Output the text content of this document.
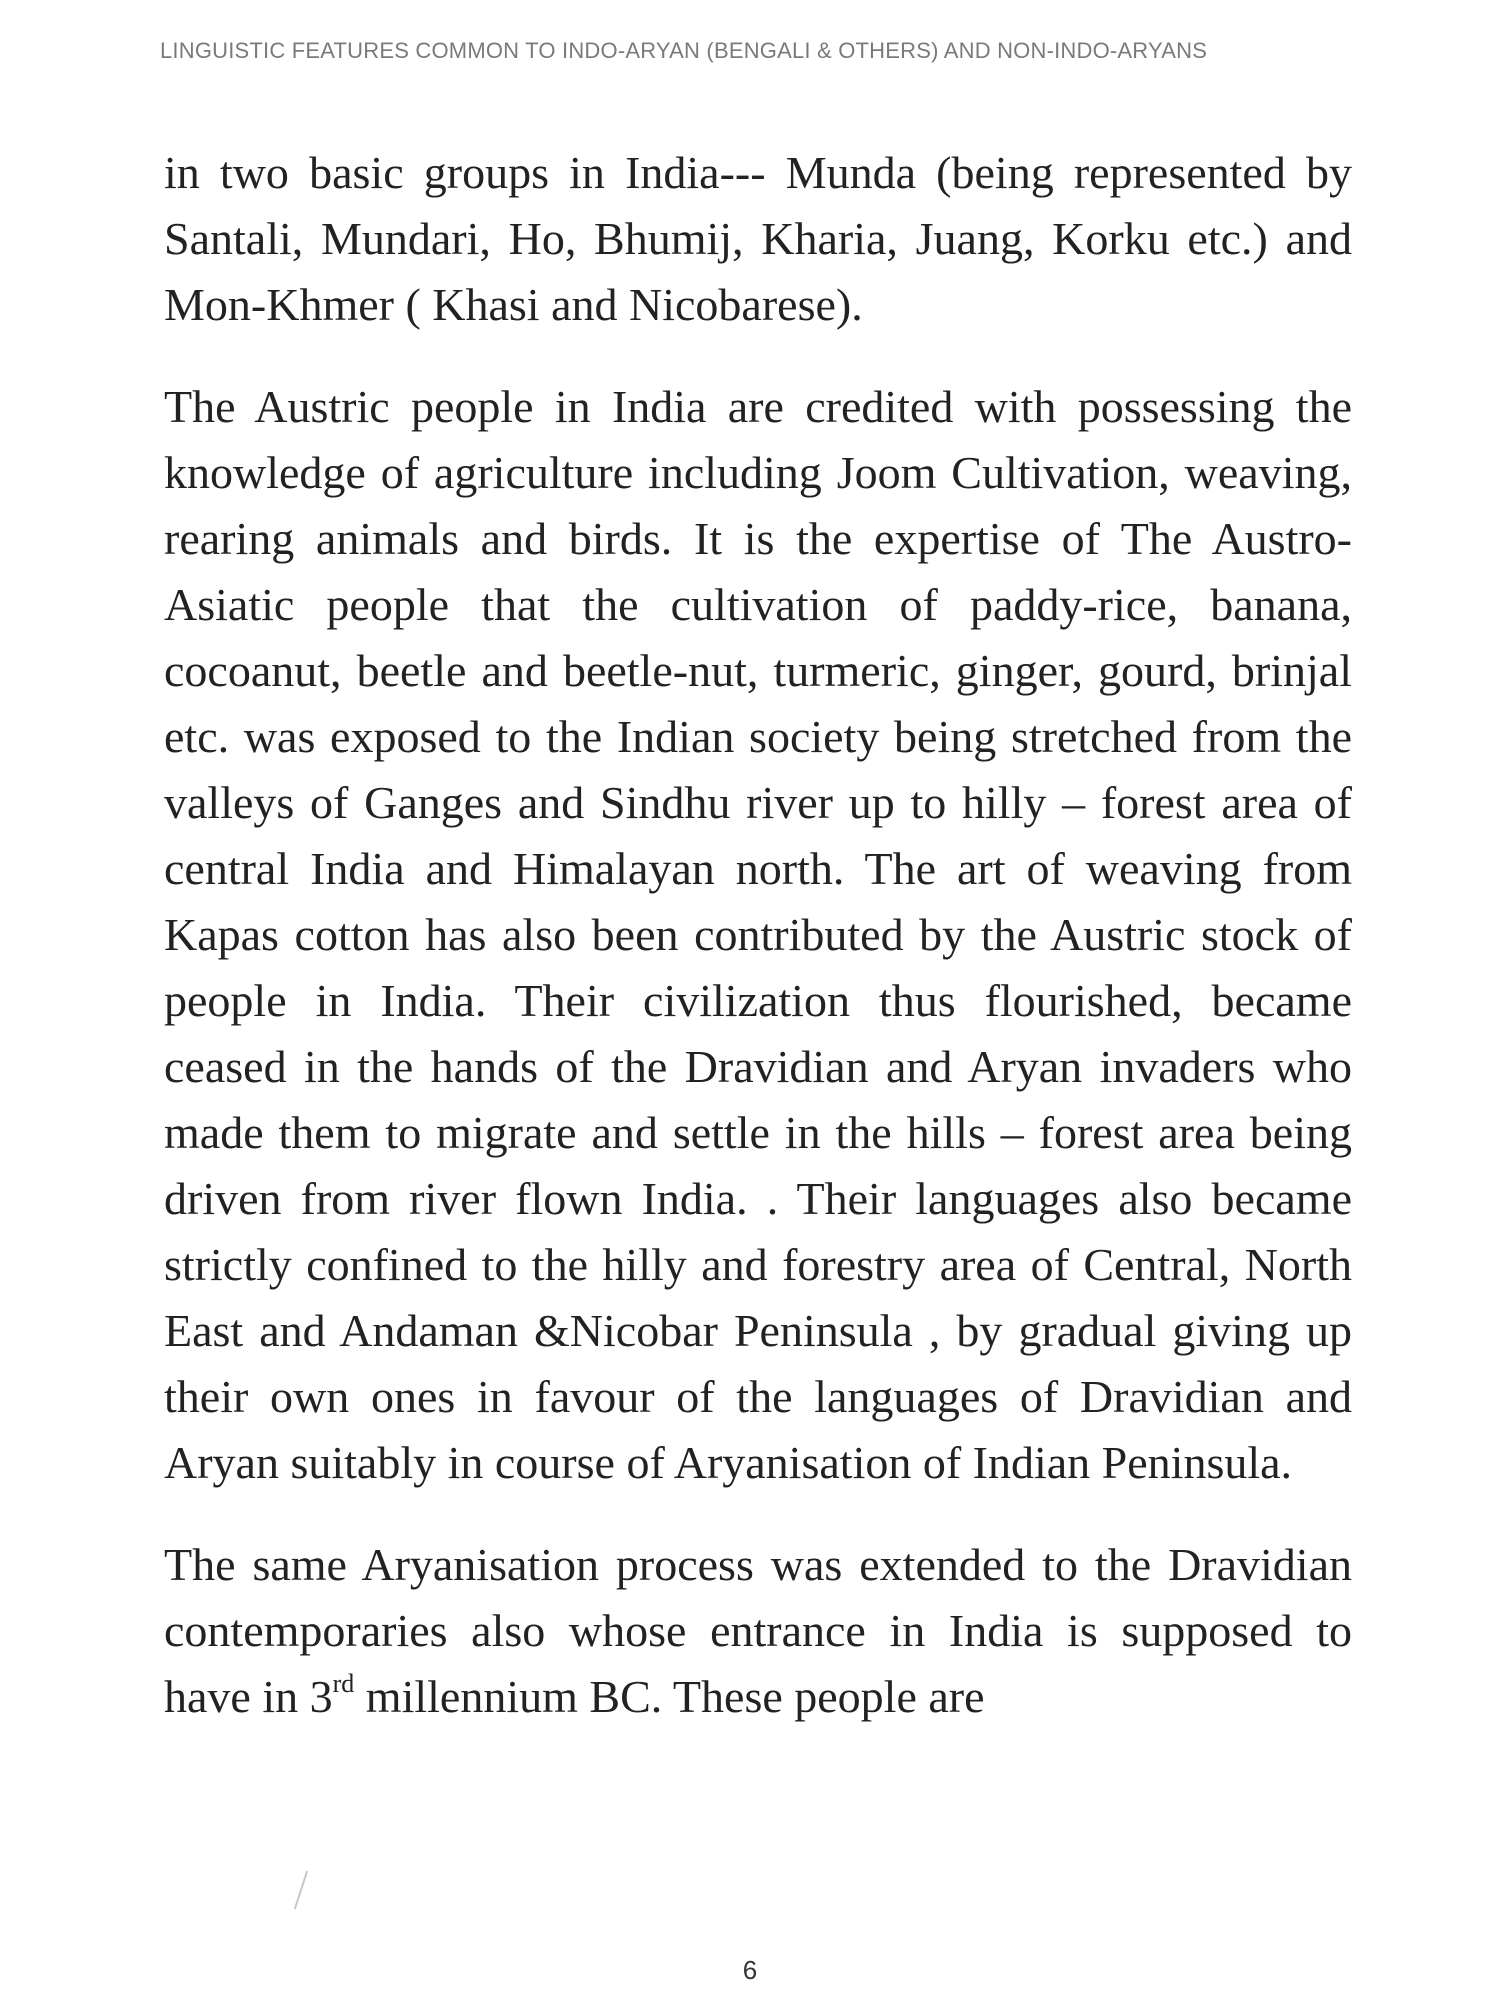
LINGUISTIC FEATURES COMMON TO INDO-ARYAN (BENGALI & OTHERS) AND NON-INDO-ARYANS

in two basic groups in India--- Munda (being represented by Santali, Mundari, Ho, Bhumij, Kharia, Juang, Korku etc.) and Mon-Khmer ( Khasi and Nicobarese).

The Austric people in India are credited with possessing the knowledge of agriculture including Joom Cultivation, weaving, rearing animals and birds. It is the expertise of The Austro-Asiatic people that the cultivation of paddy-rice, banana, cocoanut, beetle and beetle-nut, turmeric, ginger, gourd, brinjal etc. was exposed to the Indian society being stretched from the valleys of Ganges and Sindhu river up to hilly – forest area of central India and Himalayan north. The art of weaving from Kapas cotton has also been contributed by the Austric stock of people in India. Their civilization thus flourished, became ceased in the hands of the Dravidian and Aryan invaders who made them to migrate and settle in the hills – forest area being driven from river flown India. . Their languages also became strictly confined to the hilly and forestry area of Central, North East and Andaman &Nicobar Peninsula , by gradual giving up their own ones in favour of the languages of Dravidian and Aryan suitably in course of Aryanisation of Indian Peninsula.

The same Aryanisation process was extended to the Dravidian contemporaries also whose entrance in India is supposed to have in 3rd millennium BC. These people are

6
